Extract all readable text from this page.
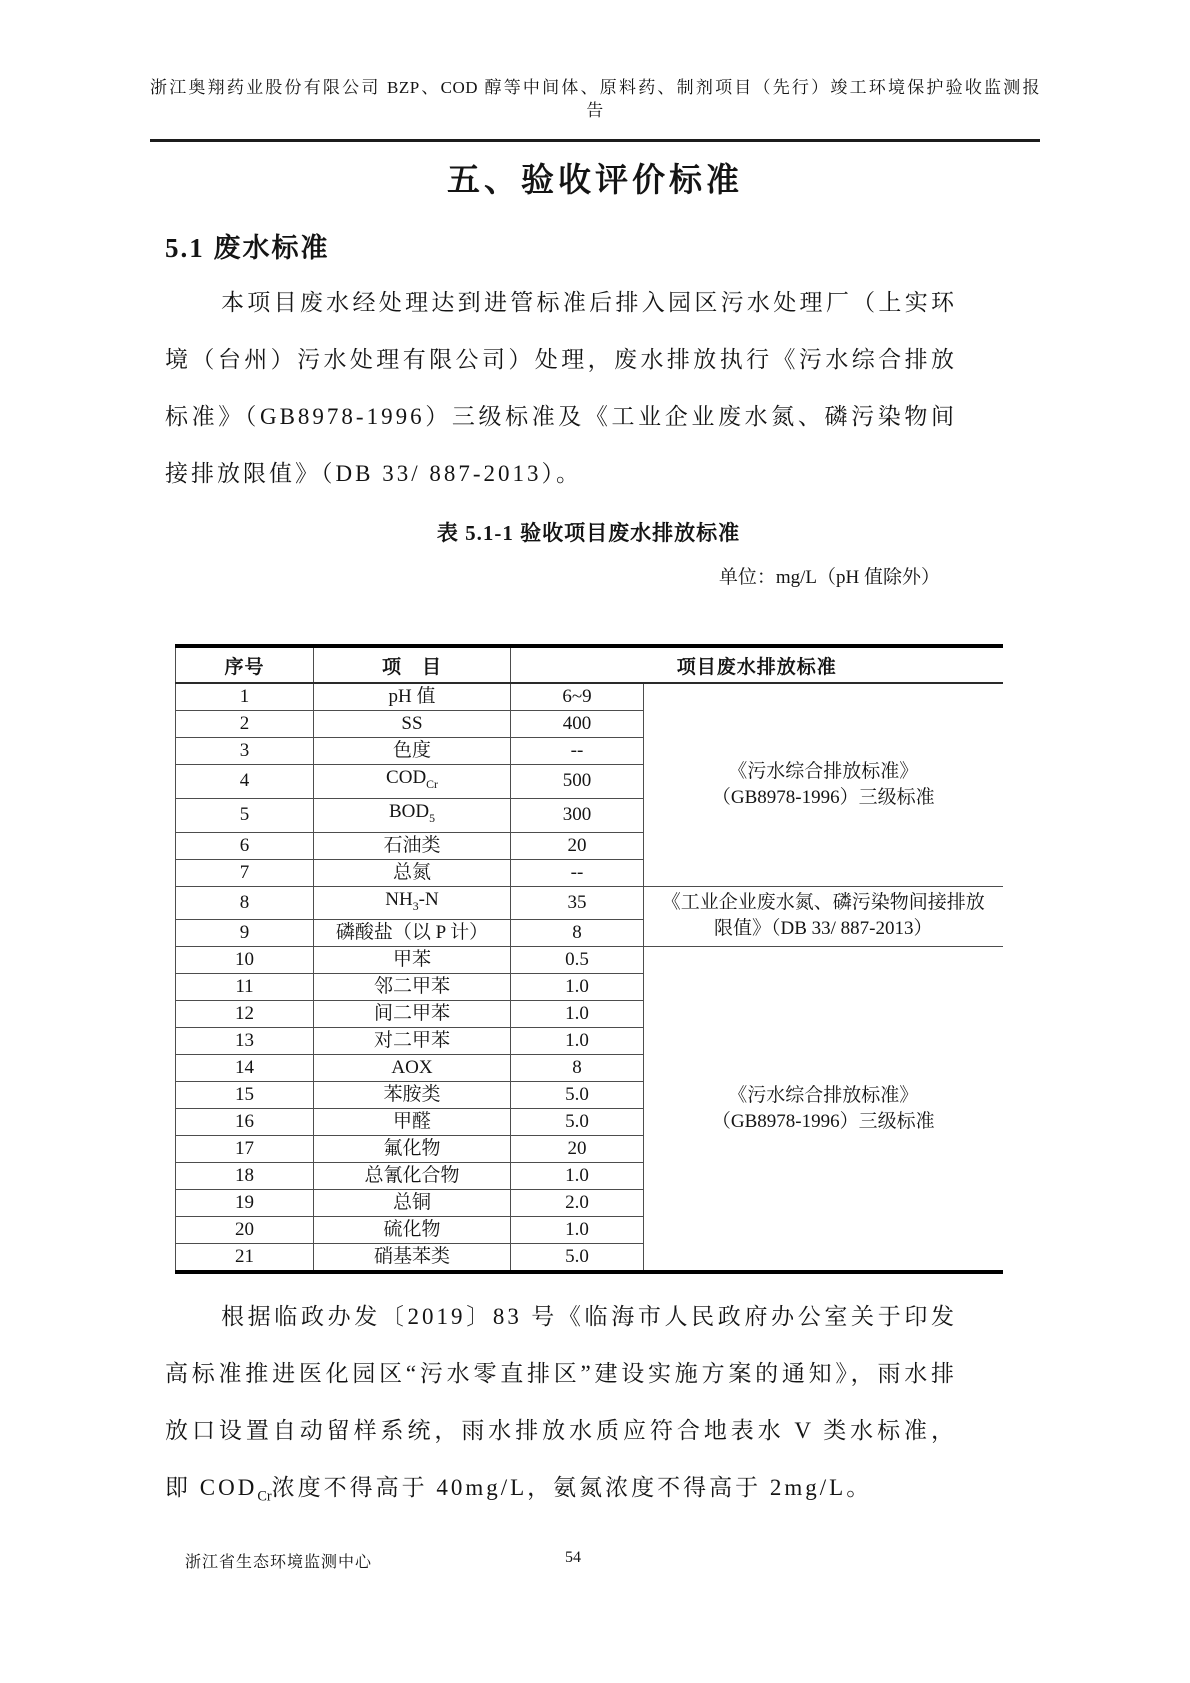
浙江奥翔药业股份有限公司 BZP、COD 醇等中间体、原料药、制剂项目（先行）竣工环境保护验收监测报
告
五、验收评价标准
5.1 废水标准
本项目废水经处理达到进管标准后排入园区污水处理厂（上实环
境（台州）污水处理有限公司）处理，废水排放执行《污水综合排放
标准》（GB8978-1996）三级标准及《工业企业废水氮、磷污染物间
接排放限值》（DB 33/ 887-2013）。
表 5.1-1 验收项目废水排放标准
单位：mg/L（pH 值除外）
序号	项　目	项目废水排放标准	
1	pH 值	6~9	《污水综合排放标准》
（GB8978-1996）三级标准

2	SS	400	
3	色度	--	
4	$COD_{Cr}$	500	
5	$BOD_5$	300	
6	石油类	20	
7	总氮	--	
8	$NH_3-N$	35	《工业企业废水氮、磷污染物间接排放
限值》（DB 33/ 887-2013）

9	磷酸盐（以 P 计）	8	
10	甲苯	0.5	《污水综合排放标准》
（GB8978-1996）三级标准

11	邻二甲苯	1.0	
12	间二甲苯	1.0	
13	对二甲苯	1.0	
14	AOX	8	
15	苯胺类	5.0	
16	甲醛	5.0	
17	氟化物	20	
18	总氰化合物	1.0	
19	总铜	2.0	
20	硫化物	1.0	
21	硝基苯类	5.0	
根据临政办发〔2019〕83 号《临海市人民政府办公室关于印发
高标准推进医化园区“污水零直排区”建设实施方案的通知》，雨水排
放口设置自动留样系统，雨水排放水质应符合地表水 V 类水标准，
即 $COD_{Cr}$浓度不得高于 40mg/L，氨氮浓度不得高于 2mg/L。
浙江省生态环境监测中心	54
